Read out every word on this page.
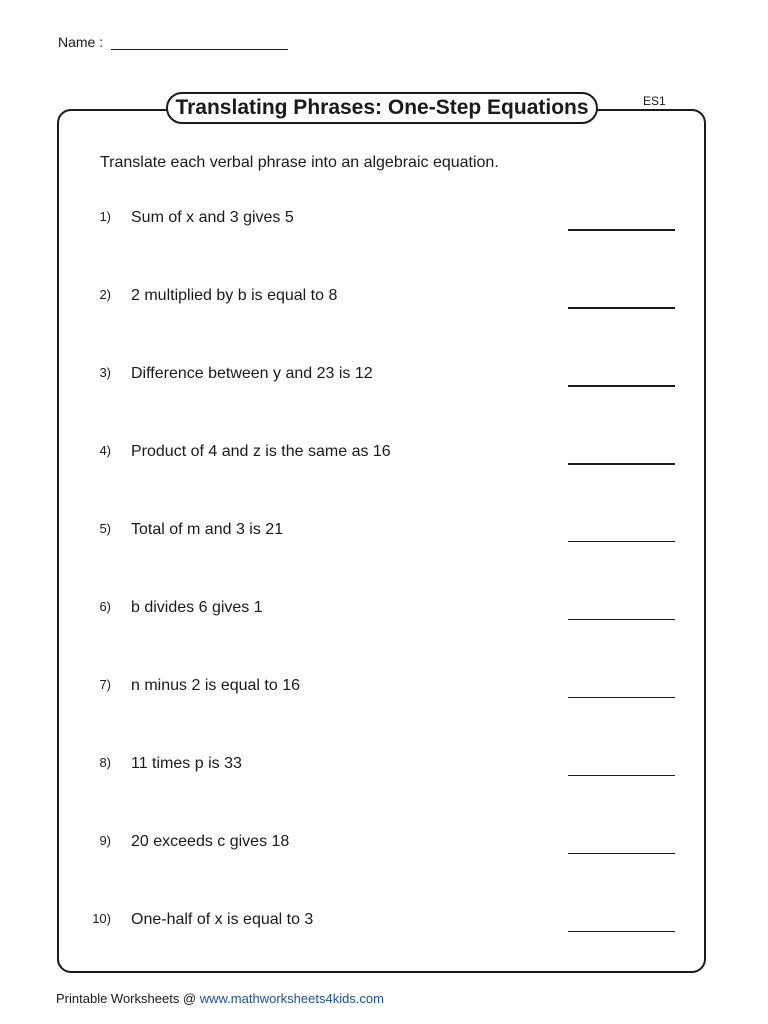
Name :
Translating Phrases: One-Step Equations	ES1
Translate each verbal phrase into an algebraic equation.
1) Sum of x and 3 gives 5
2) 2 multiplied by b is equal to 8
3) Difference between y and 23 is 12
4) Product of 4 and z is the same as 16
5) Total of m and 3 is 21
6) b divides 6 gives 1
7) n minus 2 is equal to 16
8) 11 times p is 33
9) 20 exceeds c gives 18
10) One-half of x is equal to 3
Printable Worksheets @ www.mathworksheets4kids.com
